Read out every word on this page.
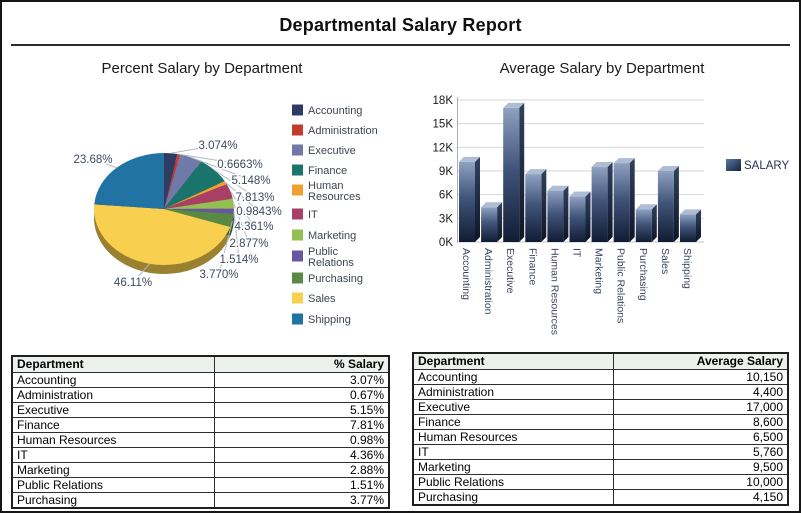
Departmental Salary Report
Percent Salary by Department	Average Salary by Department
3.074%
0.6663%
5.148%
7.813%
0.9843%
4.361%
2.877%
1.514%
3.770%
46.11%
23.68%
Accounting
Administration
Executive
Finance
Human
Resources
IT
Marketing
Public
Relations
Purchasing
Sales
Shipping
0K
3K
6K
9K
12K
15K
18K
Accounting Administration Executive Finance Human Resources IT Marketing Public Relations Purchasing Sales Shipping
SALARY
Department	% Salary
Accounting	3.07%
Administration	0.67%
Executive	5.15%
Finance	7.81%
Human Resources	0.98%
IT	4.36%
Marketing	2.88%
Public Relations	1.51%
Purchasing	3.77%
Department	Average Salary
Accounting	10,150
Administration	4,400
Executive	17,000
Finance	8,600
Human Resources	6,500
IT	5,760
Marketing	9,500
Public Relations	10,000
Purchasing	4,150
